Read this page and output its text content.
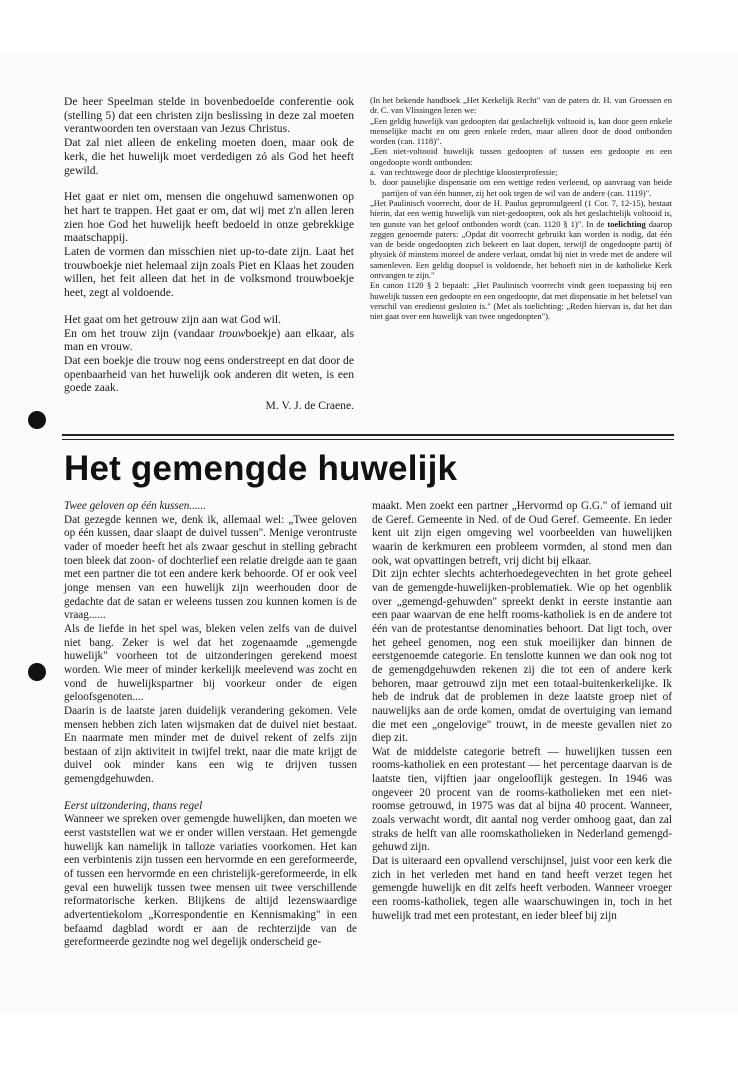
De heer Speelman stelde in bovenbedoelde conferentie ook (stelling 5) dat een christen zijn beslissing in deze zal moeten verantwoorden ten overstaan van Jezus Christus.

Dat zal niet alleen de enkeling moeten doen, maar ook de kerk, die het huwelijk moet verdedigen zó als God het heeft gewild.

Het gaat er niet om, mensen die ongehuwd samenwonen op het hart te trappen. Het gaat er om, dat wij met z'n allen leren zien hoe God het huwelijk heeft bedoeld in onze gebrekkige maatschappij.

Laten de vormen dan misschien niet up-to-date zijn. Laat het trouwboekje niet helemaal zijn zoals Piet en Klaas het zouden willen, het feit alleen dat het in de volksmond trouwboekje heet, zegt al voldoende.

Het gaat om het getrouw zijn aan wat God wil.

En om het trouw zijn (vandaar trouwboekje) aan elkaar, als man en vrouw.

Dat een boekje die trouw nog eens onderstreept en dat door de openbaarheid van het huwelijk ook anderen dit weten, is een goede zaak.

M. V. J. de Craene.

(In het bekende handboek „Het Kerkelijk Recht" van de paters dr. H. van Groessen en dr. C. van Vlissingen lezen we:

„Een geldig huwelijk van gedoopten dat geslachtelijk voltooid is, kan door geen enkele menselijke macht en om geen enkele reden, maar alleen door de dood ontbonden worden (can. 1118)".

„Een niet-voltooid huwelijk tussen gedoopten of tussen een gedoopte en een ongedoopte wordt ontbonden:

a.  van rechtswege door de plechtige kloosterprofessie;

b.  door pauselijke dispensatie om een wettige reden verleend, op aanvraag van beide partijen of van één hunner, zij het ook tegen de wil van de andere (can. 1119)".

„Het Paulinisch voorrecht, door de H. Paulus gepromulgeerd (1 Cor. 7, 12-15), bestaat hierin, dat een wettig huwelijk van niet-gedoopten, ook als het geslachtelijk voltooid is, ten gunste van het geloof ontbonden wordt (can. 1120 § 1)". In de toelichting daarop zeggen genoemde paters: „Opdat dit voorrecht gebruikt kan worden is nodig, dat één van de beide ongedoopten zich bekeert en laat dopen, terwijl de ongedoopte partij òf physiek òf minstens moreel de andere verlaat, omdat hij niet in vrede met de andere wil samenleven. Een geldig doopsel is voldoende, het behoeft niet in de katholieke Kerk ontvangen te zijn."

En canon 1120 § 2 bepaalt: „Het Paulinisch voorrecht vindt geen toepassing bij een huwelijk tussen een gedoopte en een ongedoopte, dat met dispensatie in het beletsel van verschil van eredienst gesloten is." (Met als toelichting: „Reden hiervan is, dat het dan niet gaat over een huwelijk van twee ongedoopten").

Het gemengde huwelijk

Twee geloven op één kussen......

Dat gezegde kennen we, denk ik, allemaal wel: „Twee geloven op één kussen, daar slaapt de duivel tussen". Menige verontruste vader of moeder heeft het als zwaar geschut in stelling gebracht toen bleek dat zoon- of dochterlief een relatie dreigde aan te gaan met een partner die tot een andere kerk behoorde. Of er ook veel jonge mensen van een huwelijk zijn weerhouden door de gedachte dat de satan er weleens tussen zou kunnen komen is de vraag......

Als de liefde in het spel was, bleken velen zelfs van de duivel niet bang. Zeker is wel dat het zogenaamde „gemengde huwelijk" voorheen tot de uitzonderingen gerekend moest worden. Wie meer of minder kerkelijk meelevend was zocht en vond de huwelijkspartner bij voorkeur onder de eigen geloofsgenoten....

Daarin is de laatste jaren duidelijk verandering gekomen. Vele mensen hebben zich laten wijsmaken dat de duivel niet bestaat. En naarmate men minder met de duivel rekent of zelfs zijn bestaan of zijn aktiviteit in twijfel trekt, naar die mate krijgt de duivel ook minder kans een wig te drijven tussen gemengdgehuwden.

Eerst uitzondering, thans regel

Wanneer we spreken over gemengde huwelijken, dan moeten we eerst vaststellen wat we er onder willen verstaan. Het gemengde huwelijk kan namelijk in talloze variaties voorkomen. Het kan een verbintenis zijn tussen een hervormde en een gereformeerde, of tussen een hervormde en een christelijk-gereformeerde, in elk geval een huwelijk tussen twee mensen uit twee verschillende reformatorische kerken. Blijkens de altijd lezenswaardige advertentiekolom „Korrespondentie en Kennismaking" in een befaamd dagblad wordt er aan de rechterzijde van de gereformeerde gezindte nog wel degelijk onderscheid ge-

maakt. Men zoekt een partner „Hervormd op G.G." of iemand uit de Geref. Gemeente in Ned. of de Oud Geref. Gemeente. En ieder kent uit zijn eigen omgeving wel voorbeelden van huwelijken waarin de kerkmuren een probleem vormden, al stond men dan ook, wat opvattingen betreft, vrij dicht bij elkaar.

Dit zijn echter slechts achterhoedegevechten in het grote geheel van de gemengde-huwelijken-problematiek. Wie op het ogenblik over „gemengd-gehuwden" spreekt denkt in eerste instantie aan een paar waarvan de ene helft rooms-katholiek is en de andere tot één van de protestantse denominaties behoort. Dat ligt toch, over het geheel genomen, nog een stuk moeilijker dan binnen de eerstgenoemde categorie. En tenslotte kunnen we dan ook nog tot de gemengdgehuwden rekenen zij die tot een of andere kerk behoren, maar getrouwd zijn met een totaal-buitenkerkelijke. Ik heb de indruk dat de problemen in deze laatste groep niet of nauwelijks aan de orde komen, omdat de overtuiging van iemand die met een „ongelovige" trouwt, in de meeste gevallen niet zo diep zit.

Wat de middelste categorie betreft — huwelijken tussen een rooms-katholiek en een protestant — het percentage daarvan is de laatste tien, vijftien jaar ongelooflijk gestegen. In 1946 was ongeveer 20 procent van de rooms-katholieken met een niet-roomse getrouwd, in 1975 was dat al bijna 40 procent. Wanneer, zoals verwacht wordt, dit aantal nog verder omhoog gaat, dan zal straks de helft van alle roomskatholieken in Nederland gemengd-gehuwd zijn.

Dat is uiteraard een opvallend verschijnsel, juist voor een kerk die zich in het verleden met hand en tand heeft verzet tegen het gemengde huwelijk en dit zelfs heeft verboden. Wanneer vroeger een rooms-katholiek, tegen alle waarschuwingen in, toch in het huwelijk trad met een protestant, en ieder bleef bij zijn
